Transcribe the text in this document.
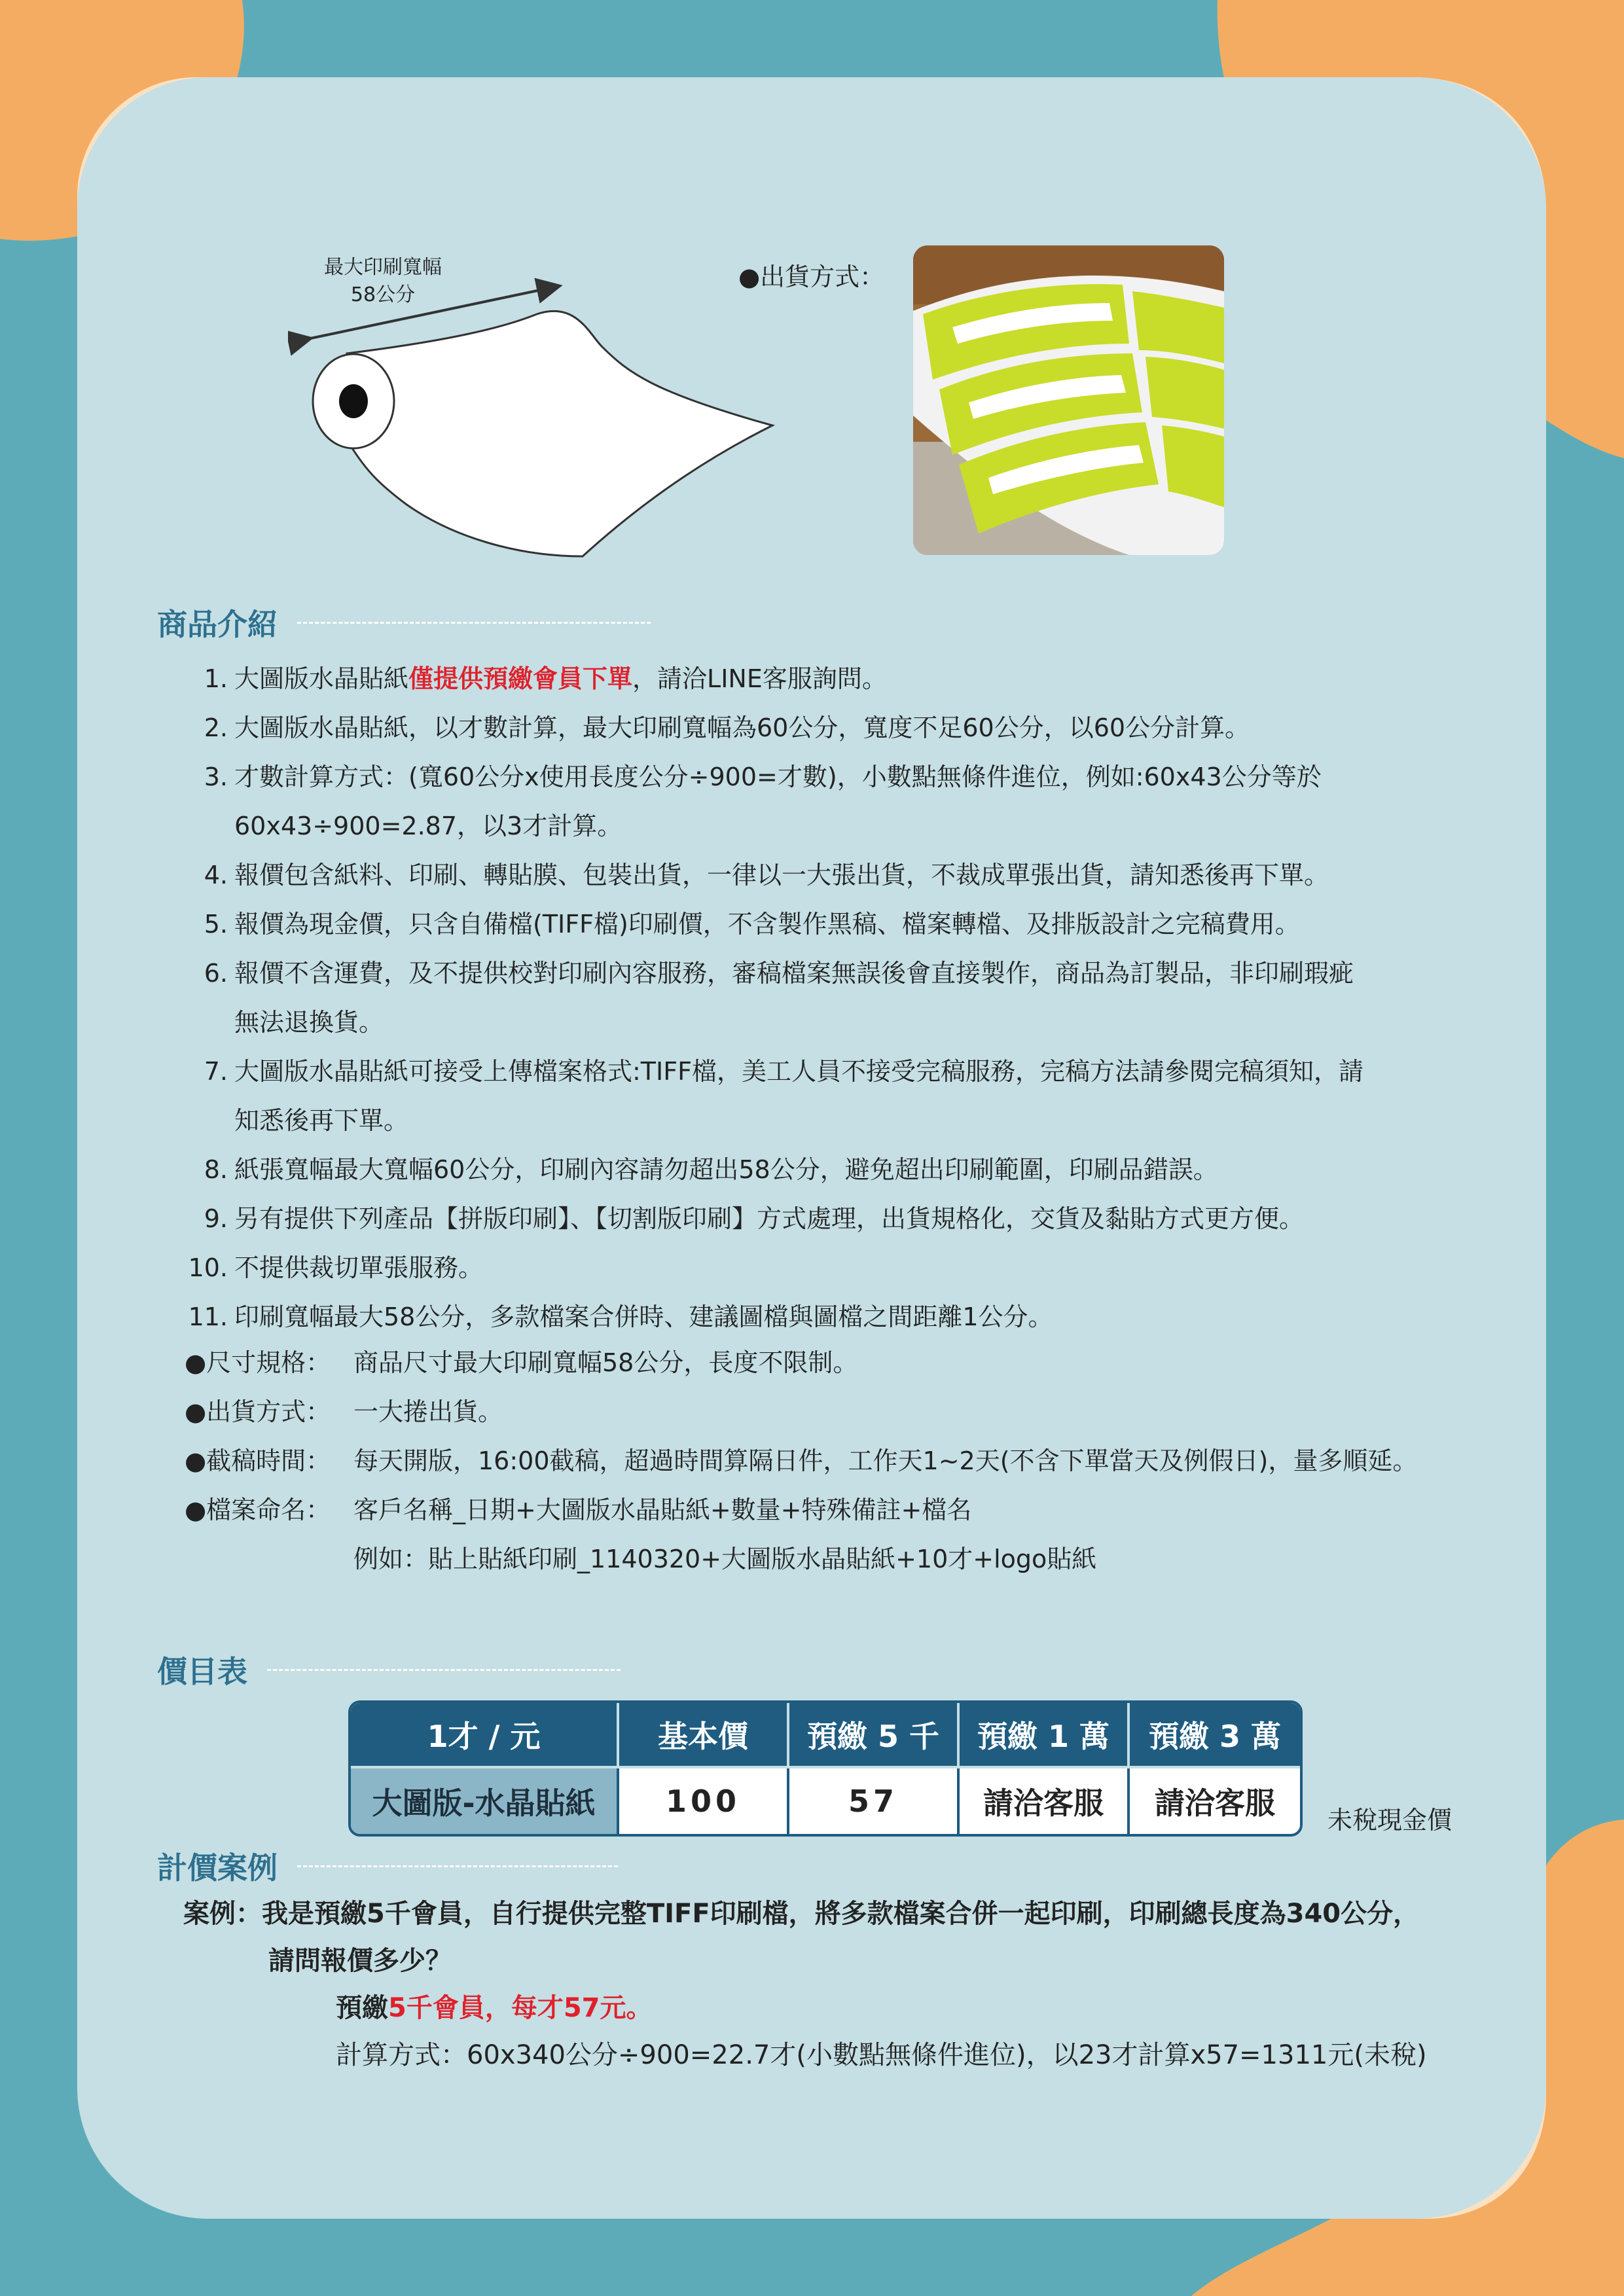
最大印刷寬幅
58公分
●出貨方式：
商品介紹
1. 大圖版水晶貼紙僅提供預繳會員下單，請洽LINE客服詢問。
2. 大圖版水晶貼紙，以才數計算，最大印刷寬幅為60公分，寬度不足60公分，以60公分計算。
3. 才數計算方式：(寬60公分x使用長度公分÷900=才數)，小數點無條件進位，例如:60x43公分等於
60x43÷900=2.87，以3才計算。
4. 報價包含紙料、印刷、轉貼膜、包裝出貨，一律以一大張出貨，不裁成單張出貨，請知悉後再下單。
5. 報價為現金價，只含自備檔(TIFF檔)印刷價，不含製作黑稿、檔案轉檔、及排版設計之完稿費用。
6. 報價不含運費，及不提供校對印刷內容服務，審稿檔案無誤後會直接製作，商品為訂製品，非印刷瑕疵
無法退換貨。
7. 大圖版水晶貼紙可接受上傳檔案格式:TIFF檔，美工人員不接受完稿服務，完稿方法請參閱完稿須知，請
知悉後再下單。
8. 紙張寬幅最大寬幅60公分，印刷內容請勿超出58公分，避免超出印刷範圍，印刷品錯誤。
9. 另有提供下列產品【拼版印刷】、【切割版印刷】方式處理，出貨規格化，交貨及黏貼方式更方便。
10. 不提供裁切單張服務。
11. 印刷寬幅最大58公分，多款檔案合併時、建議圖檔與圖檔之間距離1公分。
●尺寸規格： 商品尺寸最大印刷寬幅58公分，長度不限制。
●出貨方式： 一大捲出貨。
●截稿時間： 每天開版，16:00截稿，超過時間算隔日件，工作天1~2天(不含下單當天及例假日)，量多順延。
●檔案命名： 客戶名稱_日期+大圖版水晶貼紙+數量+特殊備註+檔名
例如：貼上貼紙印刷_1140320+大圖版水晶貼紙+10才+logo貼紙
價目表
1才 / 元	基本價	預繳 5 千	預繳 1 萬	預繳 3 萬
大圖版-水晶貼紙	100	57	請洽客服	請洽客服 未稅現金價
計價案例
案例：我是預繳5千會員，自行提供完整TIFF印刷檔，將多款檔案合併一起印刷，印刷總長度為340公分，
請問報價多少？
預繳5千會員，每才57元。
計算方式：60x340公分÷900=22.7才(小數點無條件進位)，以23才計算x57=1311元(未稅)
